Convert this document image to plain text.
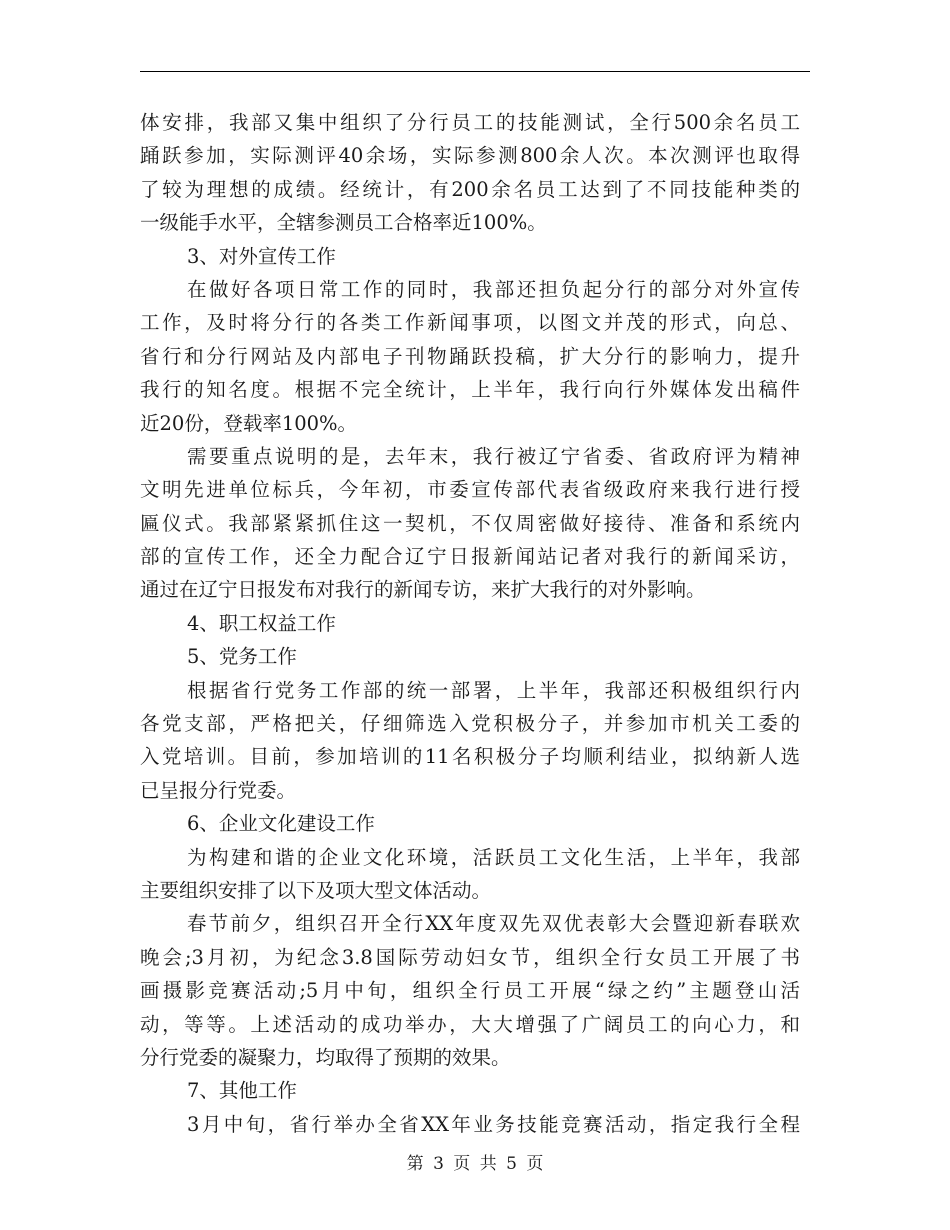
体安排，我部又集中组织了分行员工的技能测试，全行500余名员工
踊跃参加，实际测评40余场，实际参测800余人次。本次测评也取得
了较为理想的成绩。经统计，有200余名员工达到了不同技能种类的
一级能手水平，全辖参测员工合格率近100%。
3、对外宣传工作
在做好各项日常工作的同时，我部还担负起分行的部分对外宣传
工作，及时将分行的各类工作新闻事项，以图文并茂的形式，向总、
省行和分行网站及内部电子刊物踊跃投稿，扩大分行的影响力，提升
我行的知名度。根据不完全统计，上半年，我行向行外媒体发出稿件
近20份，登载率100%。
需要重点说明的是，去年末，我行被辽宁省委、省政府评为精神
文明先进单位标兵，今年初，市委宣传部代表省级政府来我行进行授
匾仪式。我部紧紧抓住这一契机，不仅周密做好接待、准备和系统内
部的宣传工作，还全力配合辽宁日报新闻站记者对我行的新闻采访，
通过在辽宁日报发布对我行的新闻专访，来扩大我行的对外影响。
4、职工权益工作
5、党务工作
根据省行党务工作部的统一部署，上半年，我部还积极组织行内
各党支部，严格把关，仔细筛选入党积极分子，并参加市机关工委的
入党培训。目前，参加培训的11名积极分子均顺利结业，拟纳新人选
已呈报分行党委。
6、企业文化建设工作
为构建和谐的企业文化环境，活跃员工文化生活，上半年，我部
主要组织安排了以下及项大型文体活动。
春节前夕，组织召开全行XX年度双先双优表彰大会暨迎新春联欢
晚会;3月初，为纪念3.8国际劳动妇女节，组织全行女员工开展了书
画摄影竞赛活动;5月中旬，组织全行员工开展“绿之约”主题登山活
动，等等。上述活动的成功举办，大大增强了广阔员工的向心力，和
分行党委的凝聚力，均取得了预期的效果。
7、其他工作
3月中旬，省行举办全省XX年业务技能竞赛活动，指定我行全程
第 3 页 共 5 页
